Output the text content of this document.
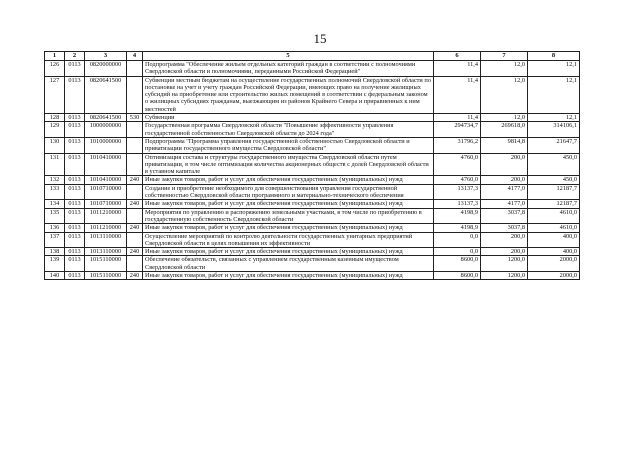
15
1	2	3	4	5	6	7	8
126	0113	0820000000		Подпрограмма "Обеспечение жильем отдельных категорий граждан в соответствии с полномочиями Свердловской области и полномочиями, переданными Российской Федерацией"	11,4	12,0	12,1
127	0113	0820641500		Субвенции местным бюджетам на осуществление государственных полномочий Свердловской области по постановке на учет и учету граждан Российской Федерации, имеющих право на получение жилищных субсидий на приобретение или строительство жилых помещений в соответствии с федеральным законом о жилищных субсидиях гражданам, выезжающим из районов Крайнего Севера и приравненных к ним местностей	11,4	12,0	12,1
128	0113	0820641500	530	Субвенции	11,4	12,0	12,1
129	0113	1000000000		Государственная программа Свердловской области "Повышение эффективности управления государственной собственностью Свердловской области до 2024 года"	294734,7	269618,0	314106,1
130	0113	1010000000		Подпрограмма "Программа управления государственной собственностью Свердловской области и приватизации государственного имущества Свердловской области"	31796,2	9814,8	21647,7
131	0113	1010410000		Оптимизация состава и структуры государственного имущества Свердловской области путем приватизации, в том числе оптимизация количества акционерных обществ с долей Свердловской области в уставном капитале	4760,0	200,0	450,0
132	0113	1010410000	240	Иные закупки товаров, работ и услуг для обеспечения государственных (муниципальных) нужд	4760,0	200,0	450,0
133	0113	1010710000		Создание и приобретение необходимого для совершенствования управления государственной собственностью Свердловской области программного и материально-технического обеспечения	13137,3	4177,0	12187,7
134	0113	1010710000	240	Иные закупки товаров, работ и услуг для обеспечения государственных (муниципальных) нужд	13137,3	4177,0	12187,7
135	0113	1011210000		Мероприятия по управлению и распоряжению земельными участками, в том числе по приобретению в государственную собственность Свердловской области	4198,9	3037,8	4610,0
136	0113	1011210000	240	Иные закупки товаров, работ и услуг для обеспечения государственных (муниципальных) нужд	4198,9	3037,8	4610,0
137	0113	1013110000		Осуществление мероприятий по контролю деятельности государственных унитарных предприятий Свердловской области в целях повышения их эффективности	0,0	200,0	400,0
138	0113	1013110000	240	Иные закупки товаров, работ и услуг для обеспечения государственных (муниципальных) нужд	0,0	200,0	400,0
139	0113	1015110000		Обеспечение обязательств, связанных с управлением государственным казенным имуществом Свердловской области	8600,0	1200,0	2000,0
140	0113	1015110000	240	Иные закупки товаров, работ и услуг для обеспечения государственных (муниципальных) нужд	8600,0	1200,0	2000,0
